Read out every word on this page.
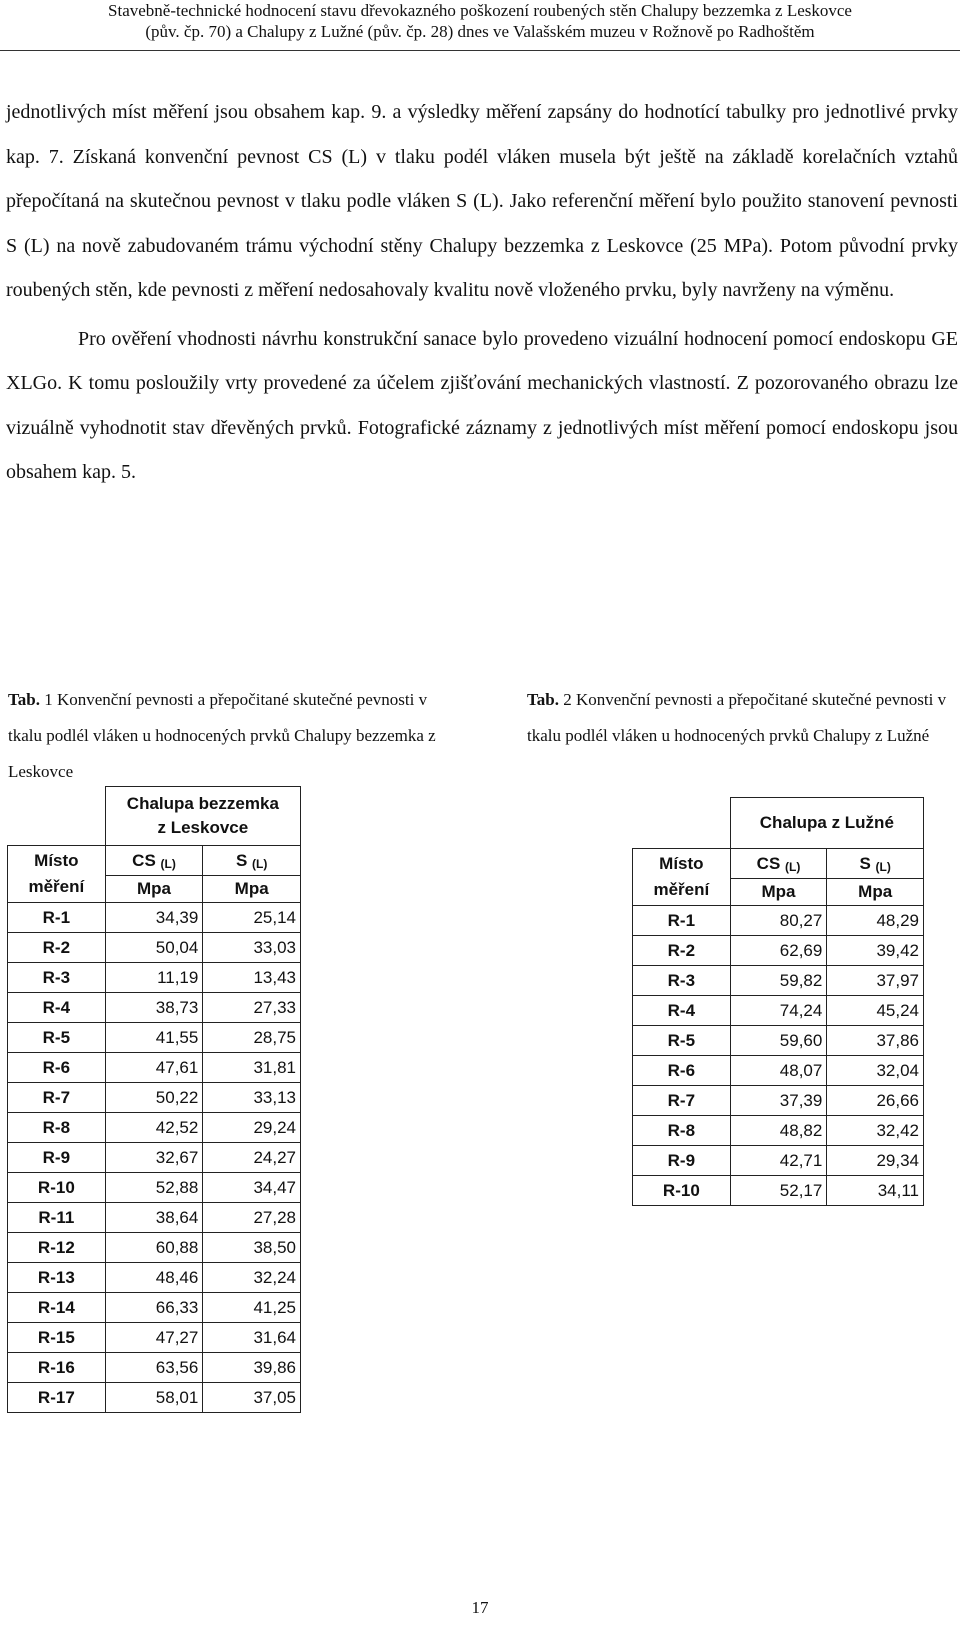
Stavebně-technické hodnocení stavu dřevokazného poškození roubených stěn Chalupy bezzemka z Leskovce
(pův. čp. 70) a Chalupy z Lužné (pův. čp. 28) dnes ve Valašském muzeu v Rožnově po Radhoštěm

jednotlivých míst měření jsou obsahem kap. 9. a výsledky měření zapsány do hodnotící tabulky pro jednotlivé prvky kap. 7. Získaná konvenční pevnost CS (L) v tlaku podél vláken musela být ještě na základě korelačních vztahů přepočítaná na skutečnou pevnost v tlaku podle vláken S (L). Jako referenční měření bylo použito stanovení pevnosti S (L) na nově zabudovaném trámu východní stěny Chalupy bezzemka z Leskovce (25 MPa). Potom původní prvky roubených stěn, kde pevnosti z měření nedosahovaly kvalitu nově vloženého prvku, byly navrženy na výměnu.

Pro ověření vhodnosti návrhu konstrukční sanace bylo provedeno vizuální hodnocení pomocí endoskopu GE XLGo. K tomu posloužily vrty provedené za účelem zjišťování mechanických vlastností. Z pozorovaného obrazu lze vizuálně vyhodnotit stav dřevěných prvků. Fotografické záznamy z jednotlivých míst měření pomocí endoskopu jsou obsahem kap. 5.

Tab. 1 Konvenční pevnosti a přepočitané skutečné pevnosti v tkalu podlél vláken u hodnocených prvků Chalupy bezzemka z Leskovce
Tab. 2 Konvenční pevnosti a přepočitané skutečné pevnosti v tkalu podlél vláken u hodnocených prvků Chalupy z Lužné
	Chalupa bezzemka
z Leskovce	
Místo
měření	CS $_{(L)}$	S $_{(L)}$
	Mpa	Mpa
R-1	34,39	25,14
R-2	50,04	33,03
R-3	11,19	13,43
R-4	38,73	27,33
R-5	41,55	28,75
R-6	47,61	31,81
R-7	50,22	33,13
R-8	42,52	29,24
R-9	32,67	24,27
R-10	52,88	34,47
R-11	38,64	27,28
R-12	60,88	38,50
R-13	48,46	32,24
R-14	66,33	41,25
R-15	47,27	31,64
R-16	63,56	39,86
R-17	58,01	37,05
	Chalupa z Lužné	
Místo
měření	CS $_{(L)}$	S $_{(L)}$
	Mpa	Mpa
R-1	80,27	48,29
R-2	62,69	39,42
R-3	59,82	37,97
R-4	74,24	45,24
R-5	59,60	37,86
R-6	48,07	32,04
R-7	37,39	26,66
R-8	48,82	32,42
R-9	42,71	29,34
R-10	52,17	34,11
17
